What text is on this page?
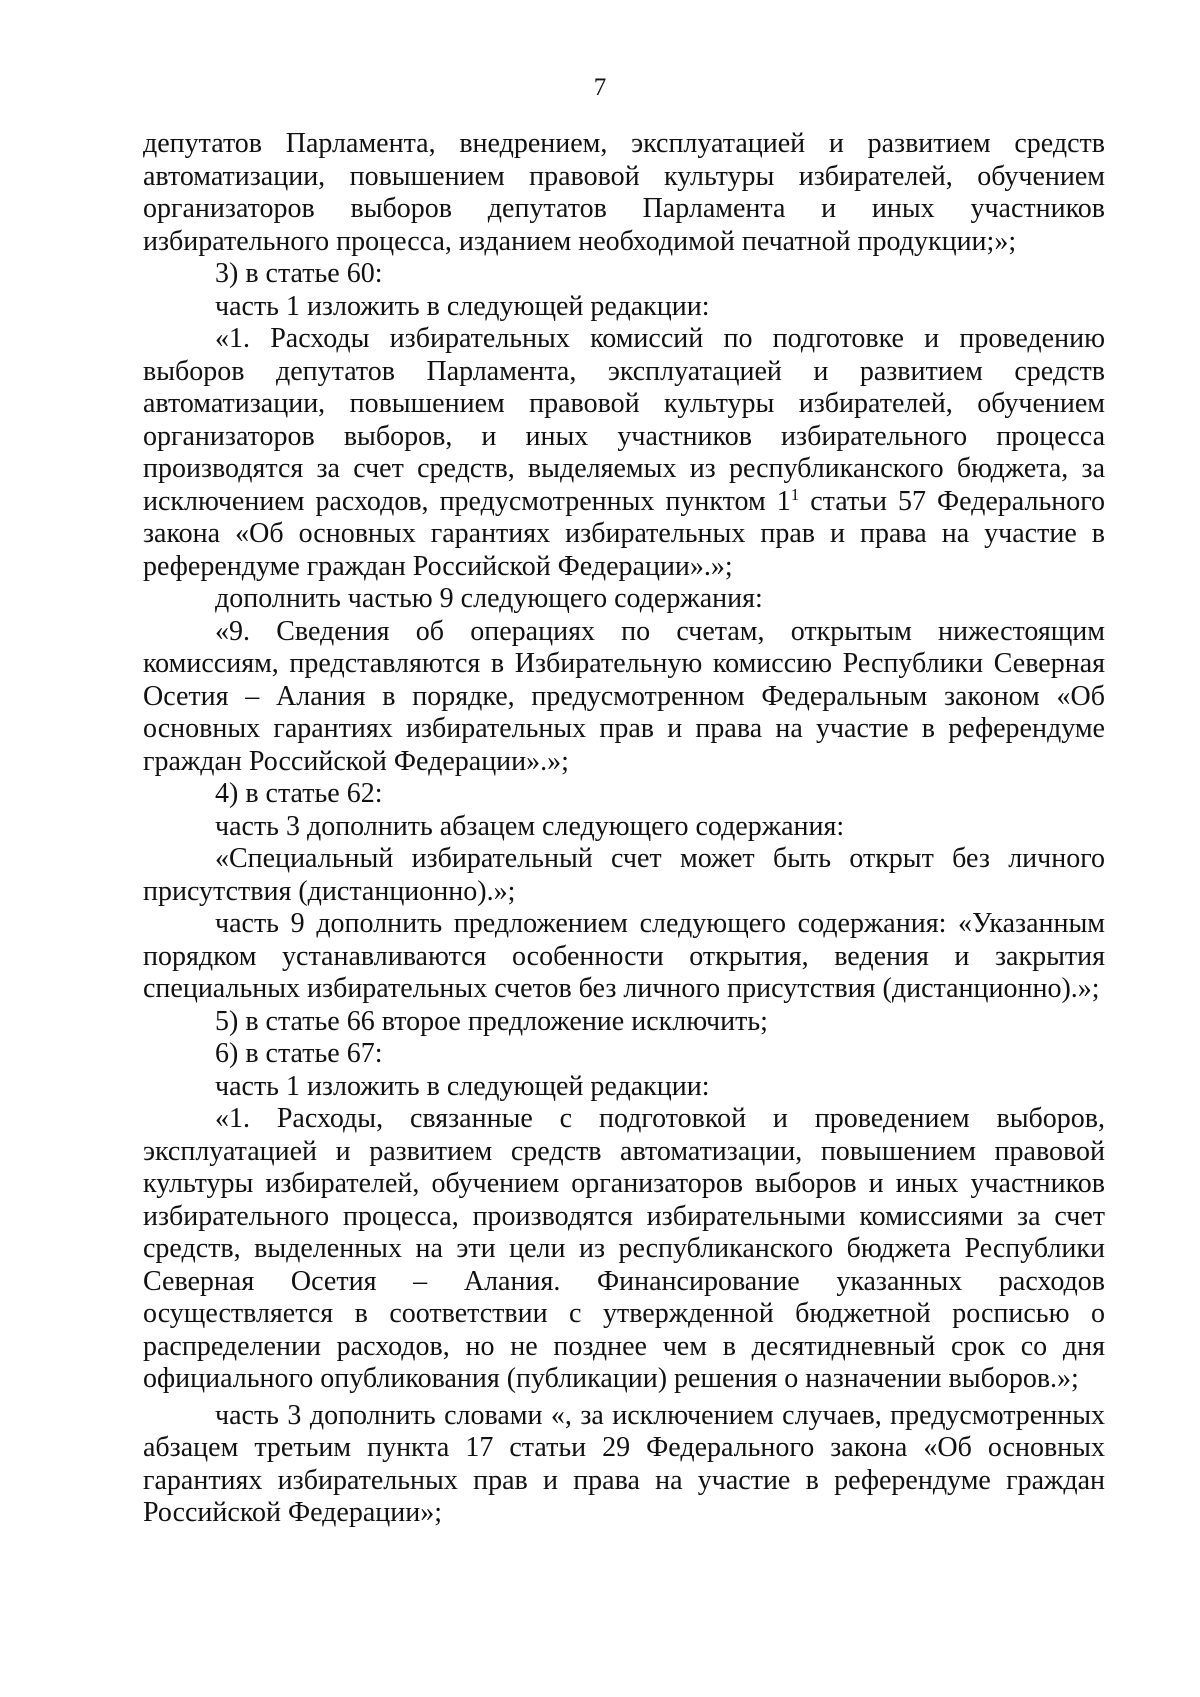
7

депутатов Парламента, внедрением, эксплуатацией и развитием средств автоматизации, повышением правовой культуры избирателей, обучением организаторов выборов депутатов Парламента и иных участников избирательного процесса, изданием необходимой печатной продукции;»;

3) в статье 60:

часть 1 изложить в следующей редакции:

«1. Расходы избирательных комиссий по подготовке и проведению выборов депутатов Парламента, эксплуатацией и развитием средств автоматизации, повышением правовой культуры избирателей, обучением организаторов выборов, и иных участников избирательного процесса производятся за счет средств, выделяемых из республиканского бюджета, за исключением расходов, предусмотренных пунктом $1^1$ статьи 57 Федерального закона «Об основных гарантиях избирательных прав и права на участие в референдуме граждан Российской Федерации».»;

дополнить частью 9 следующего содержания:

«9. Сведения об операциях по счетам, открытым нижестоящим комиссиям, представляются в Избирательную комиссию Республики Северная Осетия – Алания в порядке, предусмотренном Федеральным законом «Об основных гарантиях избирательных прав и права на участие в референдуме граждан Российской Федерации».»;

4) в статье 62:

часть 3 дополнить абзацем следующего содержания:

«Специальный избирательный счет может быть открыт без личного присутствия (дистанционно).»;

часть 9 дополнить предложением следующего содержания: «Указанным порядком устанавливаются особенности открытия, ведения и закрытия специальных избирательных счетов без личного присутствия (дистанционно).»;

5) в статье 66 второе предложение исключить;

6) в статье 67:

часть 1 изложить в следующей редакции:

«1. Расходы, связанные с подготовкой и проведением выборов, эксплуатацией и развитием средств автоматизации, повышением правовой культуры избирателей, обучением организаторов выборов и иных участников избирательного процесса, производятся избирательными комиссиями за счет средств, выделенных на эти цели из республиканского бюджета Республики Северная Осетия – Алания. Финансирование указанных расходов осуществляется в соответствии с утвержденной бюджетной росписью о распределении расходов, но не позднее чем в десятидневный срок со дня официального опубликования (публикации) решения о назначении выборов.»;

часть 3 дополнить словами «, за исключением случаев, предусмотренных абзацем третьим пункта 17 статьи 29 Федерального закона «Об основных гарантиях избирательных прав и права на участие в референдуме граждан Российской Федерации»;
